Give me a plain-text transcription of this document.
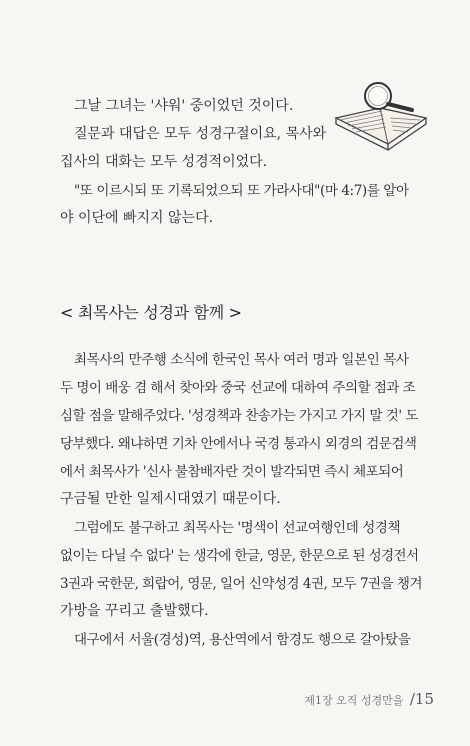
그날 그녀는 '샤워' 중이었던 것이다.
질문과 대답은 모두 성경구절이요, 목사와
집사의 대화는 모두 성경적이었다.
"또 이르시되 또 기록되었으되 또 가라사대"(마 4:7)를 알아
야 이단에 빠지지 않는다.
< 최목사는 성경과 함께 >
최목사의 만주행 소식에 한국인 목사 여러 명과 일본인 목사
두 명이 배웅 겸 해서 찾아와 중국 선교에 대하여 주의할 점과 조
심할 점을 말해주었다. '성경책과 찬송가는 가지고 가지 말 것' 도
당부했다. 왜냐하면 기차 안에서나 국경 통과시 외경의 검문검색
에서 최목사가 '신사 불참배자란 것이 발각되면 즉시 체포되어
구금될 만한 일제시대였기 때문이다.
그럼에도 불구하고 최목사는 '명색이 선교여행인데 성경책
없이는 다닐 수 없다' 는 생각에 한글, 영문, 한문으로 된 성경전서
3권과 국한문, 희랍어, 영문, 일어 신약성경 4권, 모두 7권을 챙겨
가방을 꾸리고 출발했다.
대구에서 서울(경성)역, 용산역에서 함경도 행으로 갈아탔을
제1장 오직 성경만을 /15
